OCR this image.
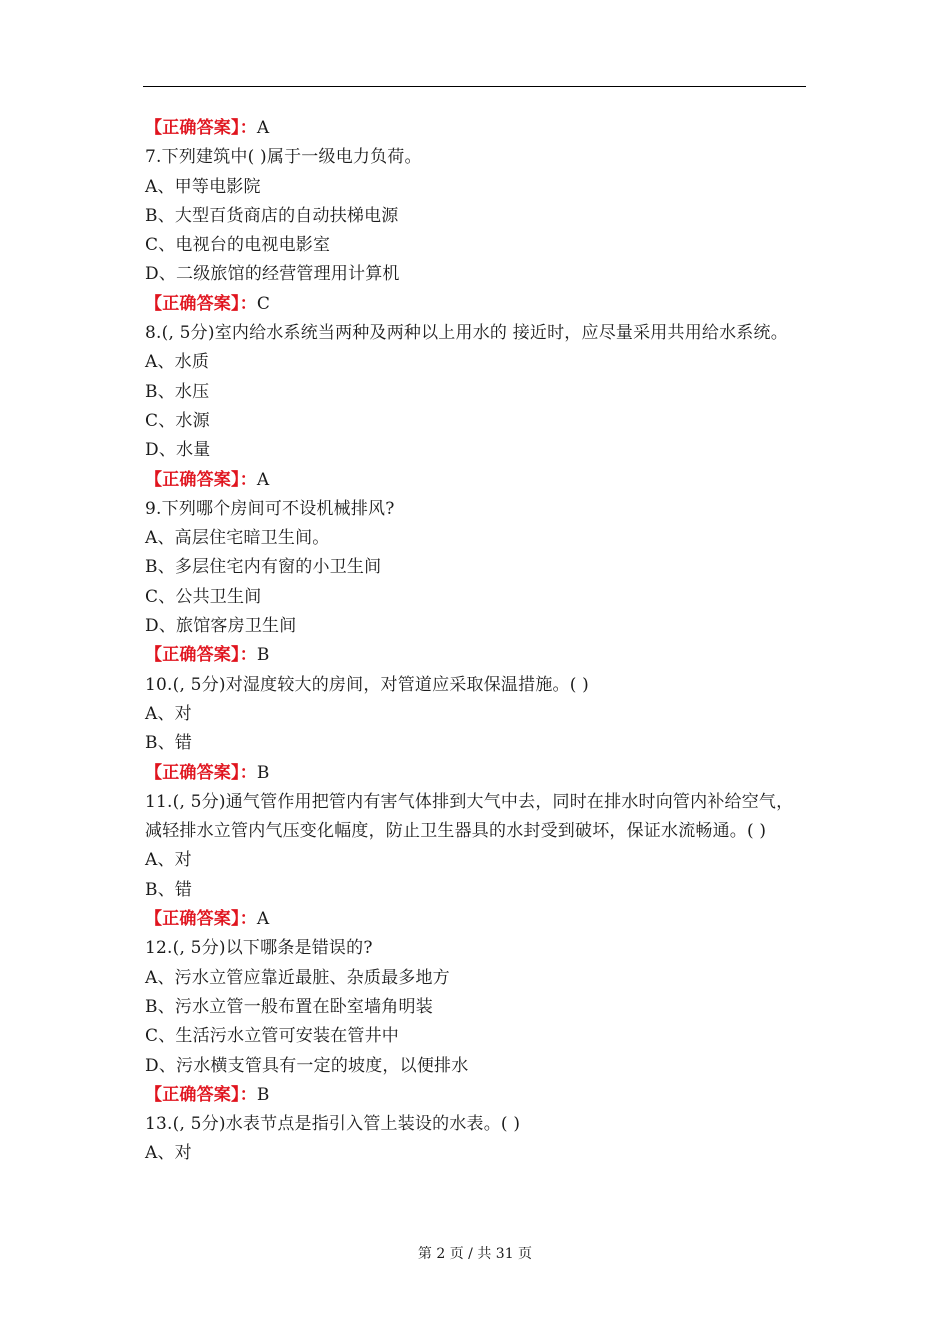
【正确答案】：A
7.下列建筑中( )属于一级电力负荷。
A、甲等电影院
B、大型百货商店的自动扶梯电源
C、电视台的电视电影室
D、二级旅馆的经营管理用计算机
【正确答案】：C
8.(, 5分)室内给水系统当两种及两种以上用水的 接近时，应尽量采用共用给水系统。
A、水质
B、水压
C、水源
D、水量
【正确答案】：A
9.下列哪个房间可不设机械排风?
A、高层住宅暗卫生间。
B、多层住宅内有窗的小卫生间
C、公共卫生间
D、旅馆客房卫生间
【正确答案】：B
10.(, 5分)对湿度较大的房间，对管道应采取保温措施。( )
A、对
B、错
【正确答案】：B
11.(, 5分)通气管作用把管内有害气体排到大气中去，同时在排水时向管内补给空气，减轻排水立管内气压变化幅度，防止卫生器具的水封受到破坏，保证水流畅通。( )
A、对
B、错
【正确答案】：A
12.(, 5分)以下哪条是错误的?
A、污水立管应靠近最脏、杂质最多地方
B、污水立管一般布置在卧室墙角明装
C、生活污水立管可安装在管井中
D、污水横支管具有一定的坡度，以便排水
【正确答案】：B
13.(, 5分)水表节点是指引入管上装设的水表。( )
A、对
第 2 页 / 共 31 页
